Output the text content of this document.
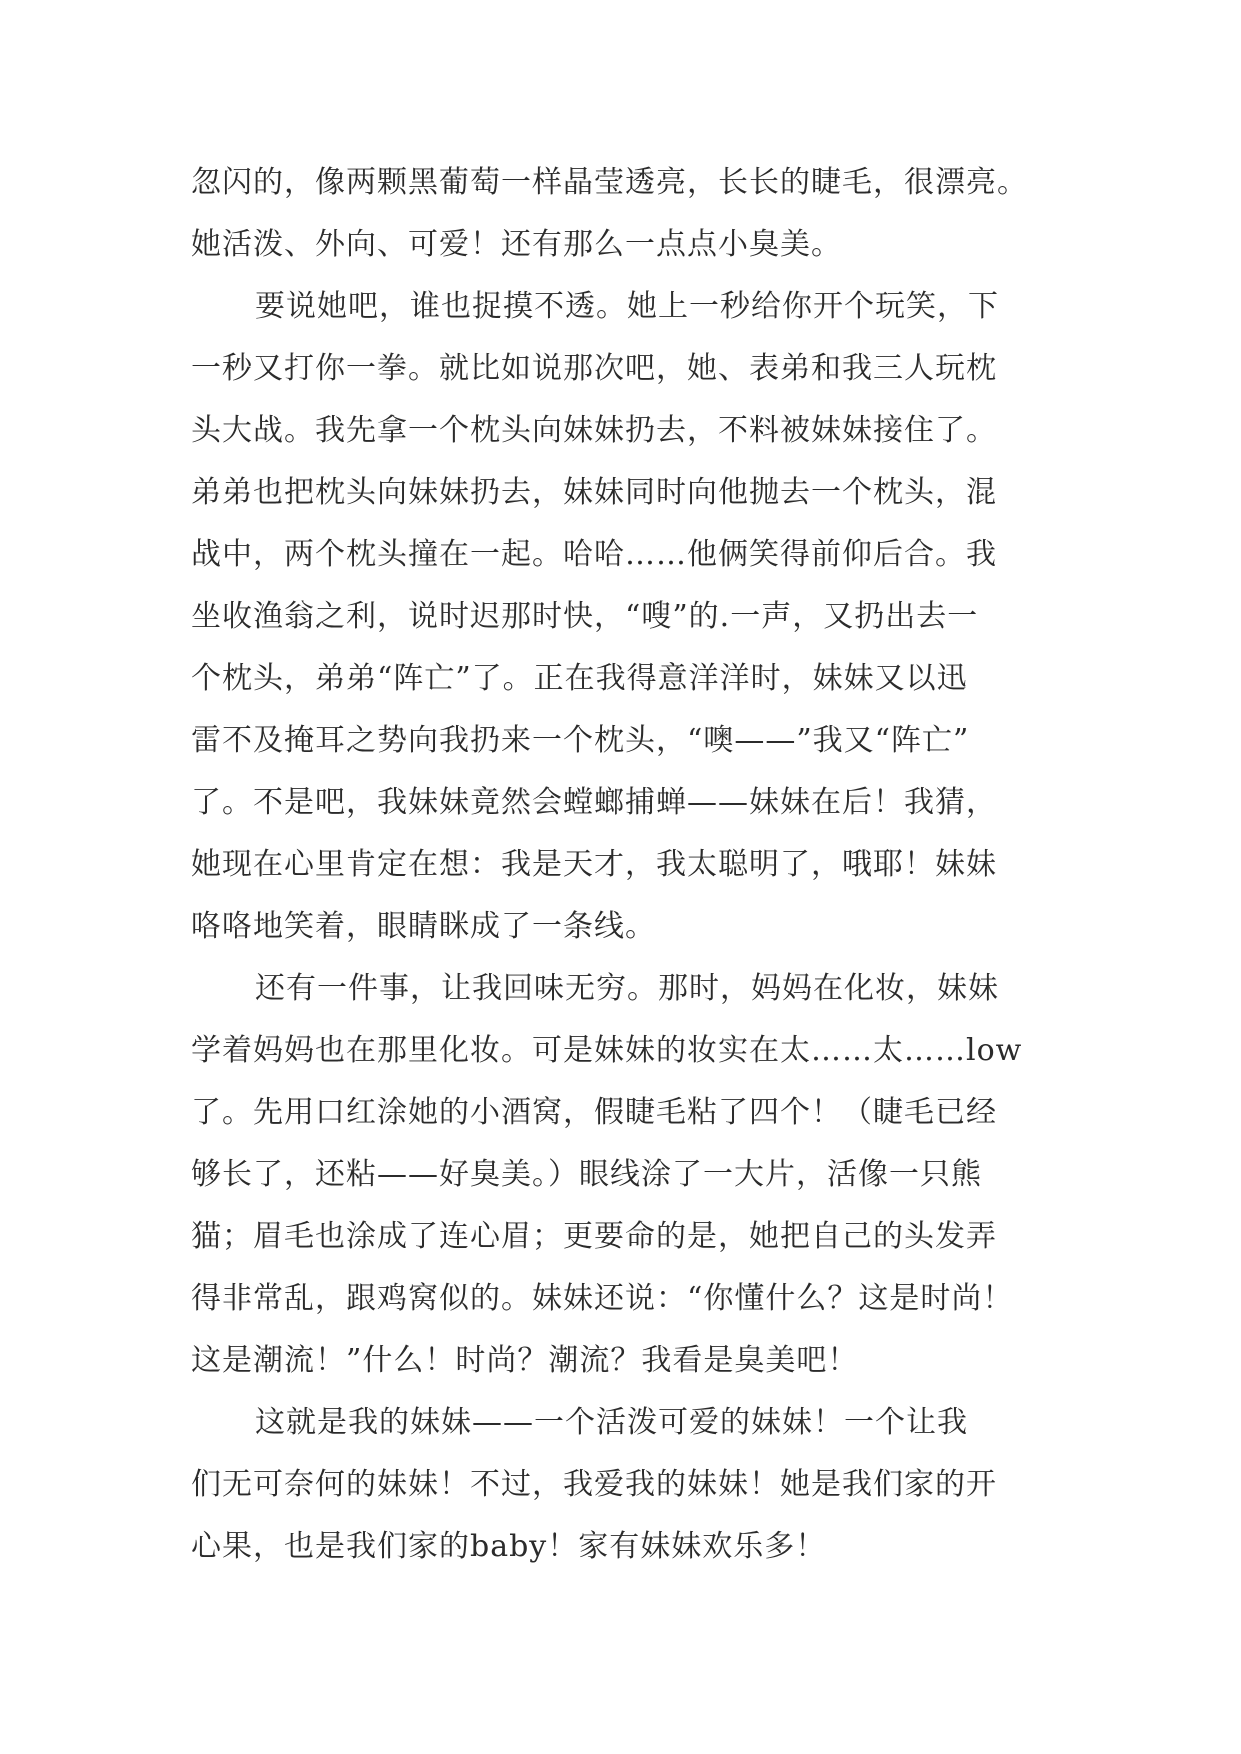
忽闪的，像两颗黑葡萄一样晶莹透亮，长长的睫毛，很漂亮。
她活泼、外向、可爱！还有那么一点点小臭美。
要说她吧，谁也捉摸不透。她上一秒给你开个玩笑，下
一秒又打你一拳。就比如说那次吧，她、表弟和我三人玩枕
头大战。我先拿一个枕头向妹妹扔去，不料被妹妹接住了。
弟弟也把枕头向妹妹扔去，妹妹同时向他抛去一个枕头，混
战中，两个枕头撞在一起。哈哈……他俩笑得前仰后合。我
坐收渔翁之利，说时迟那时快，“嗖”的.一声，又扔出去一
个枕头，弟弟“阵亡”了。正在我得意洋洋时，妹妹又以迅
雷不及掩耳之势向我扔来一个枕头，“噢——”我又“阵亡”
了。不是吧，我妹妹竟然会螳螂捕蝉——妹妹在后！我猜，
她现在心里肯定在想：我是天才，我太聪明了，哦耶！妹妹
咯咯地笑着，眼睛眯成了一条线。
还有一件事，让我回味无穷。那时，妈妈在化妆，妹妹
学着妈妈也在那里化妆。可是妹妹的妆实在太……太……low
了。先用口红涂她的小酒窝，假睫毛粘了四个！（睫毛已经
够长了，还粘——好臭美。）眼线涂了一大片，活像一只熊
猫；眉毛也涂成了连心眉；更要命的是，她把自己的头发弄
得非常乱，跟鸡窝似的。妹妹还说：“你懂什么？这是时尚！
这是潮流！”什么！时尚？潮流？我看是臭美吧！
这就是我的妹妹——一个活泼可爱的妹妹！一个让我
们无可奈何的妹妹！不过，我爱我的妹妹！她是我们家的开
心果，也是我们家的baby！家有妹妹欢乐多！
